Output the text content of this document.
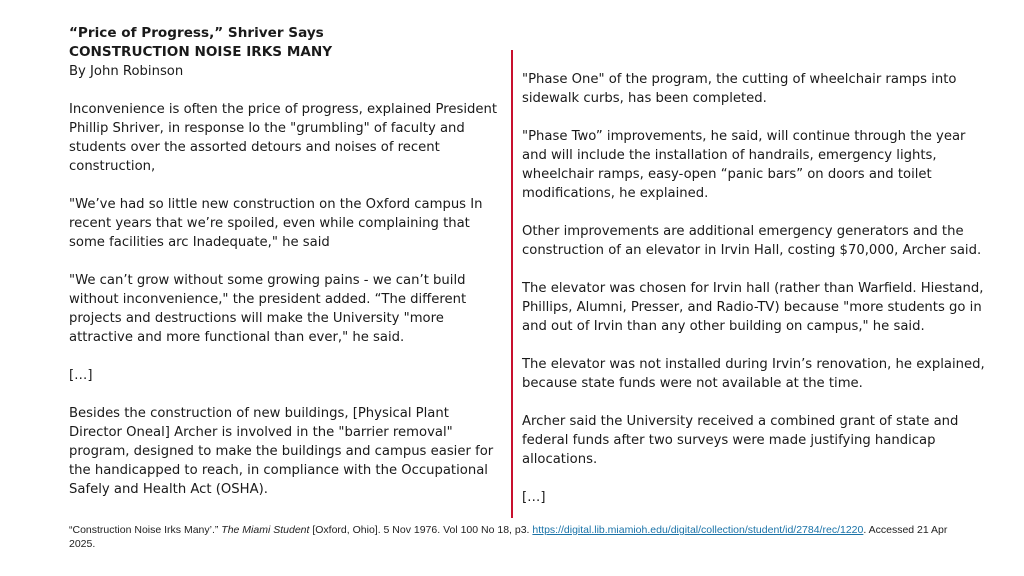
“Price of Progress,” Shriver Says
CONSTRUCTION NOISE IRKS MANY
By John Robinson

Inconvenience is often the price of progress, explained President Phillip Shriver, in response lo the "grumbling" of faculty and students over the assorted detours and noises of recent construction,

"We’ve had so little new construction on the Oxford campus In recent years that we’re spoiled, even while complaining that some facilities arc Inadequate," he said

"We can’t grow without some growing pains - we can’t build without inconvenience," the president added. “The different projects and destructions will make the University "more attractive and more functional than ever," he said.

[…]

Besides the construction of new buildings, [Physical Plant Director Oneal] Archer is involved in the "barrier removal" program, designed to make the buildings and campus easier for the handicapped to reach, in compliance with the Occupational Safely and Health Act (OSHA).

"Phase One" of the program, the cutting of wheelchair ramps into sidewalk curbs, has been completed.

"Phase Two” improvements, he said, will continue through the year and will include the installation of handrails, emergency lights, wheelchair ramps, easy-open “panic bars” on doors and toilet modifications, he explained.

Other improvements are additional emergency generators and the construction of an elevator in Irvin Hall, costing $70,000, Archer said.

The elevator was chosen for Irvin hall (rather than Warfield. Hiestand, Phillips, Alumni, Presser, and Radio-TV) because "more students go in and out of Irvin than any other building on campus," he said.

The elevator was not installed during Irvin’s renovation, he explained, because state funds were not available at the time.

Archer said the University received a combined grant of state and federal funds after two surveys were made justifying handicap allocations.

[…]

“Construction Noise Irks Many’.” The Miami Student [Oxford, Ohio]. 5 Nov 1976. Vol 100 No 18, p3. https://digital.lib.miamioh.edu/digital/collection/student/id/2784/rec/1220. Accessed 21 Apr 2025.
